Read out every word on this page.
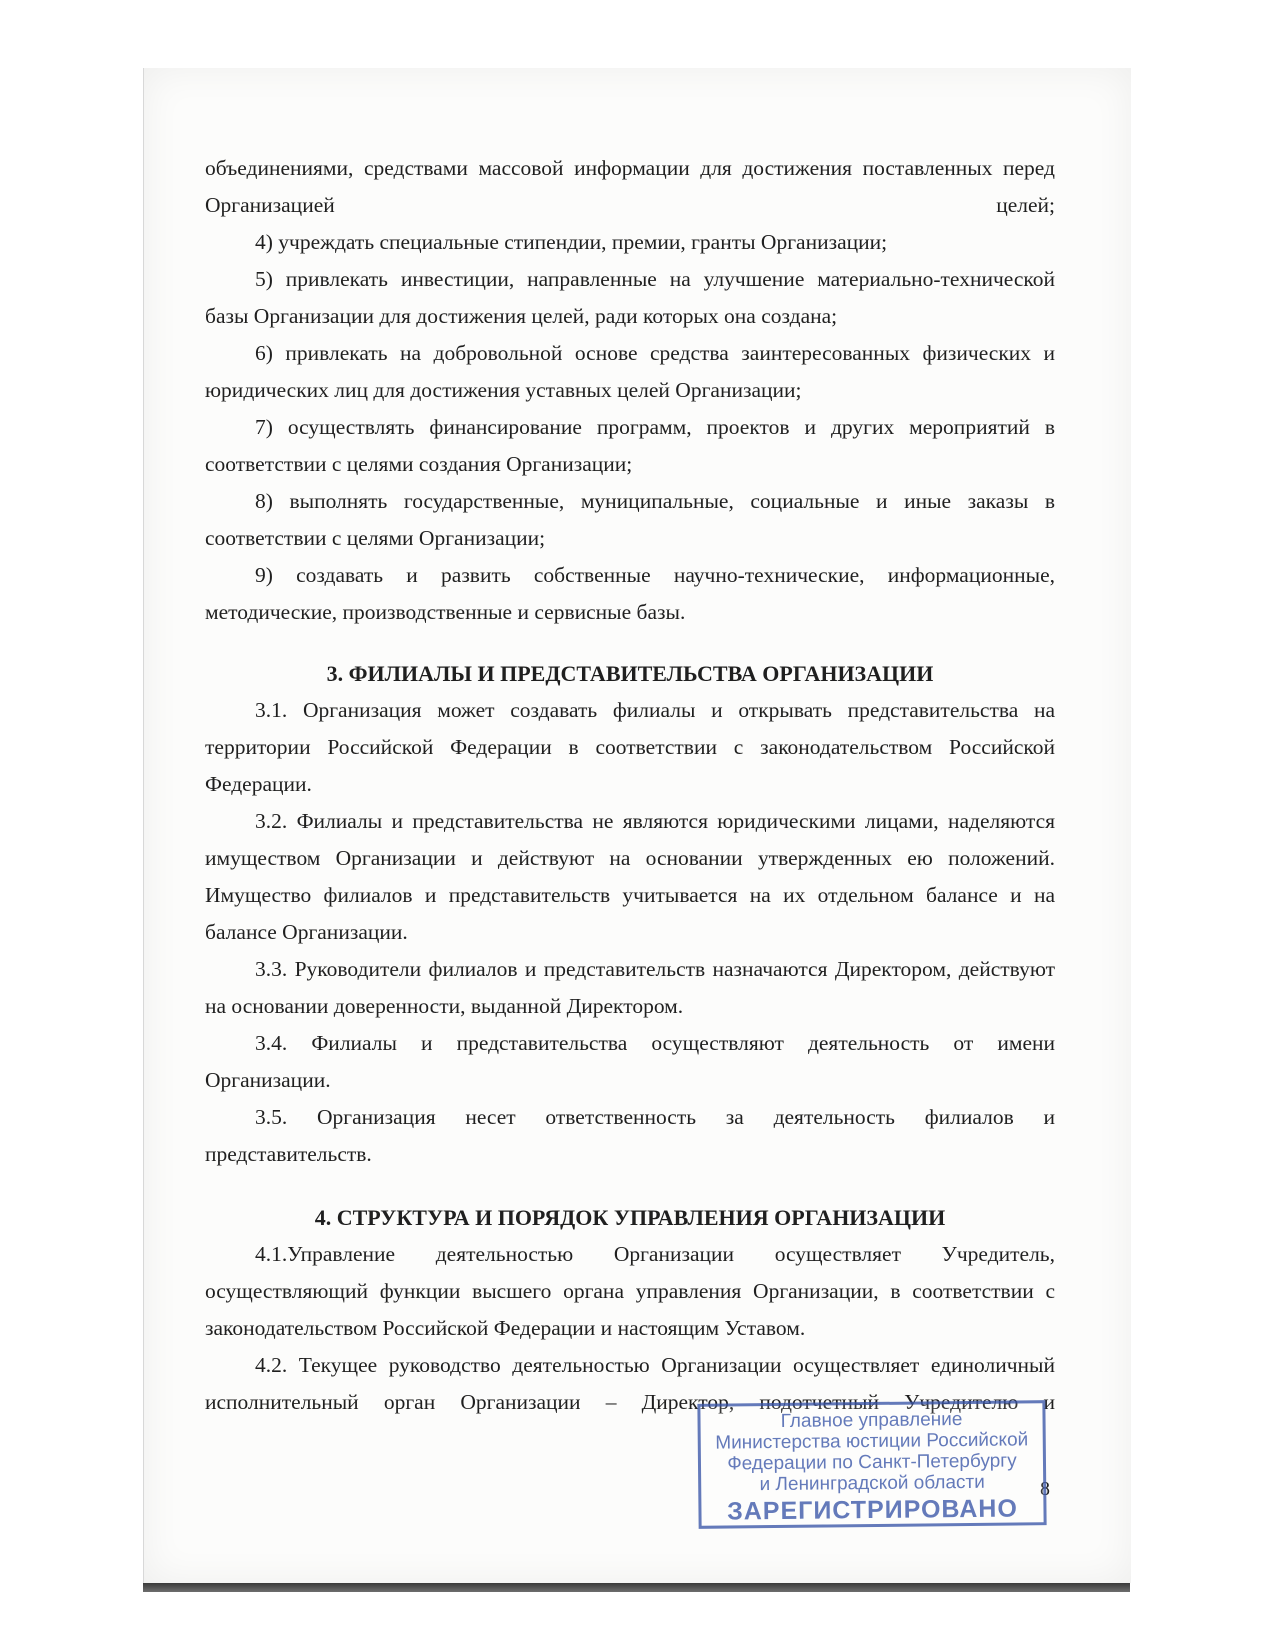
объединениями, средствами массовой информации для достижения поставленных перед Организацией целей;

4) учреждать специальные стипендии, премии, гранты Организации;

5) привлекать инвестиции, направленные на улучшение материально-технической базы Организации для достижения целей, ради которых она создана;

6) привлекать на добровольной основе средства заинтересованных физических и юридических лиц для достижения уставных целей Организации;

7) осуществлять финансирование программ, проектов и других мероприятий в соответствии с целями создания Организации;

8) выполнять государственные, муниципальные, социальные и иные заказы в соответствии с целями Организации;

9) создавать и развить собственные научно-технические, информационные, методические, производственные и сервисные базы.

3. ФИЛИАЛЫ И ПРЕДСТАВИТЕЛЬСТВА ОРГАНИЗАЦИИ

3.1. Организация может создавать филиалы и открывать представительства на территории Российской Федерации в соответствии с законодательством Российской Федерации.

3.2. Филиалы и представительства не являются юридическими лицами, наделяются имуществом Организации и действуют на основании утвержденных ею положений. Имущество филиалов и представительств учитывается на их отдельном балансе и на балансе Организации.

3.3. Руководители филиалов и представительств назначаются Директором, действуют на основании доверенности, выданной Директором.

3.4. Филиалы и представительства осуществляют деятельность от имени Организации.

3.5. Организация несет ответственность за деятельность филиалов и представительств.

4. СТРУКТУРА И ПОРЯДОК УПРАВЛЕНИЯ ОРГАНИЗАЦИИ

4.1.Управление деятельностью Организации осуществляет Учредитель, осуществляющий функции высшего органа управления Организации, в соответствии с законодательством Российской Федерации и настоящим Уставом.

4.2. Текущее руководство деятельностью Организации осуществляет единоличный исполнительный орган Организации – Директор, подотчетный Учредителю и

8
Главное управление
Министерства юстиции Российской
Федерации по Санкт-Петербургу
и Ленинградской области
ЗАРЕГИСТРИРОВАНО
